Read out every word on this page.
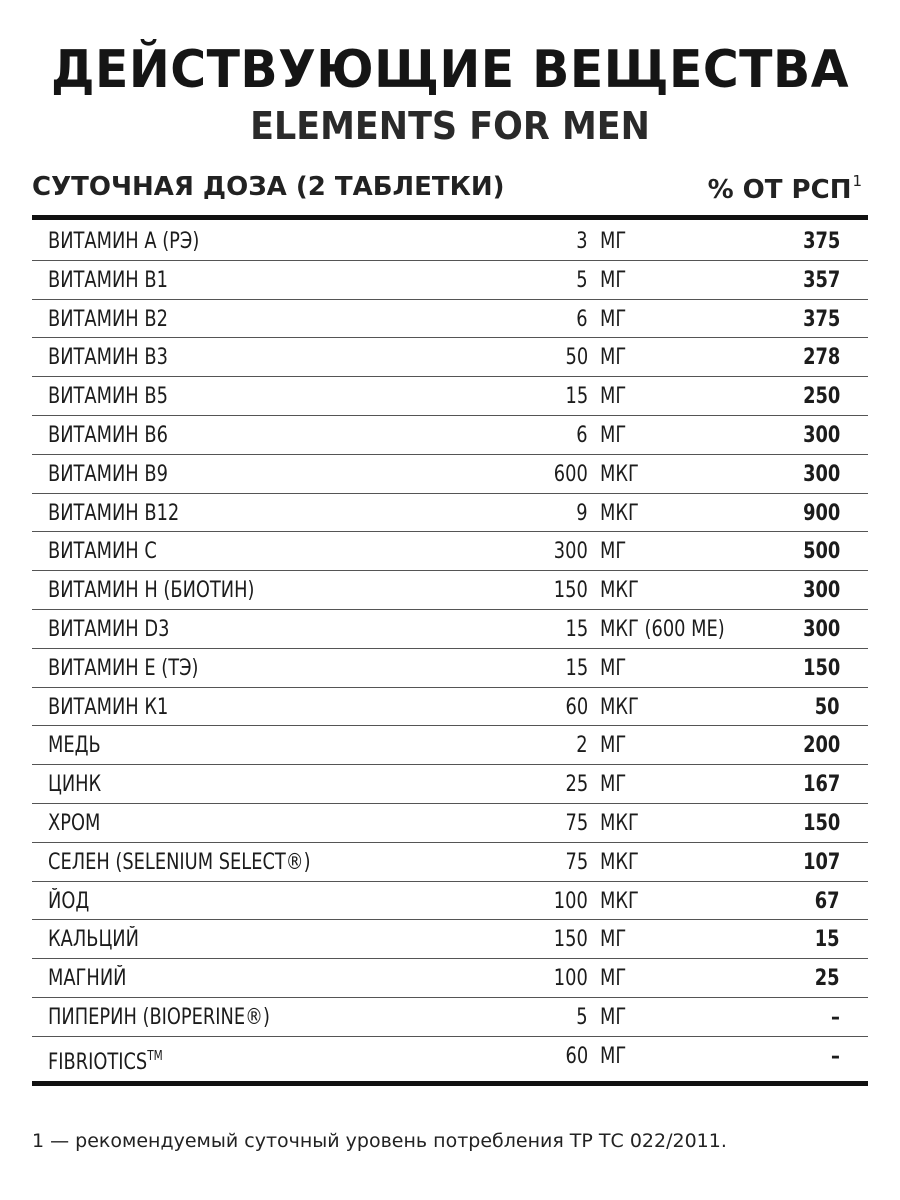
ДЕЙСТВУЮЩИЕ ВЕЩЕСТВА
ELEMENTS FOR MEN
СУТОЧНАЯ ДОЗА (2 ТАБЛЕТКИ)	% ОТ РСП$^1$
ВИТАМИН А (РЭ)	3 МГ	375
ВИТАМИН В1	5 МГ	357
ВИТАМИН В2	6 МГ	375
ВИТАМИН В3	50 МГ	278
ВИТАМИН В5	15 МГ	250
ВИТАМИН В6	6 МГ	300
ВИТАМИН В9	600 МКГ	300
ВИТАМИН В12	9 МКГ	900
ВИТАМИН С	300 МГ	500
ВИТАМИН Н (БИОТИН)	150 МКГ	300
ВИТАМИН D3	15 МКГ (600 МЕ)	300
ВИТАМИН Е (ТЭ)	15 МГ	150
ВИТАМИН К1	60 МКГ	50
МЕДЬ	2 МГ	200
ЦИНК	25 МГ	167
ХРОМ	75 МКГ	150
СЕЛЕН (SELENIUM SELECT®)	75 МКГ	107
ЙОД	100 МКГ	67
КАЛЬЦИЙ	150 МГ	15
МАГНИЙ	100 МГ	25
ПИПЕРИН (BIOPERINE®)	5 МГ	–
FIBRIOTICS™	60 МГ	–
1 — рекомендуемый суточный уровень потребления ТР ТС 022/2011.
